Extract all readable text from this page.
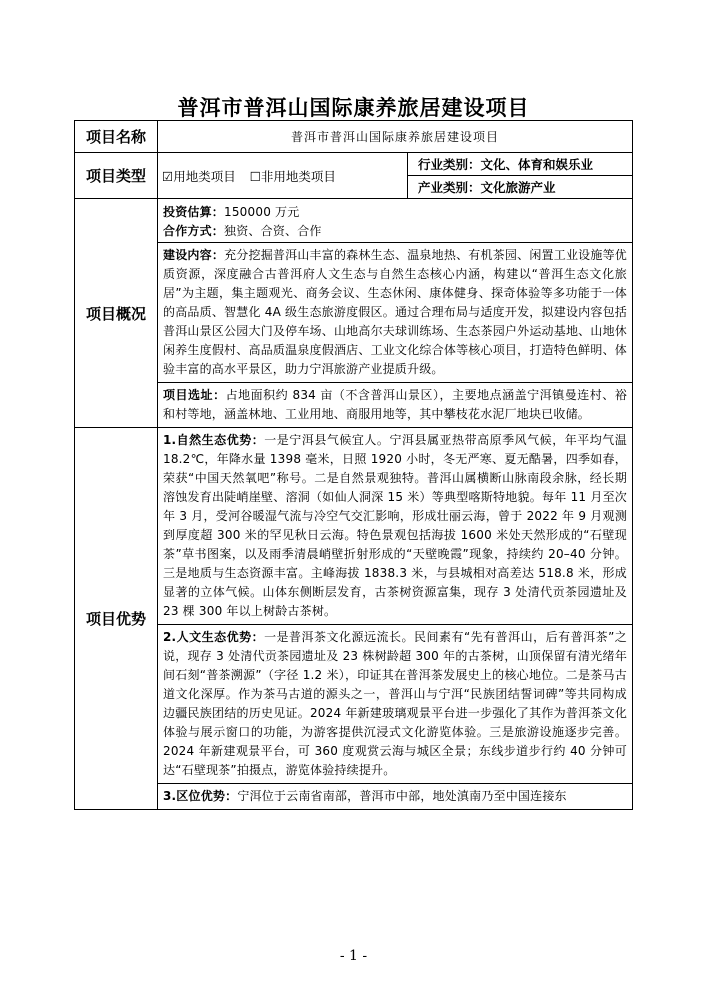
普洱市普洱山国际康养旅居建设项目
项目名称	普洱市普洱山国际康养旅居建设项目	
项目类型	☑用地类项目 ☐非用地类项目	行业类别：文化、体育和娱乐业
		产业类别：文化旅游产业
项目概况	投资估算：150000 万元
合作方式：独资、合资、合作
建设内容：充分挖掘普洱山丰富的森林生态、温泉地热、有机茶园、闲置工业设施等优质资源，深度融合古普洱府人文生态与自然生态核心内涵，构建以“普洱生态文化旅居”为主题，集主题观光、商务会议、生态休闲、康体健身、探奇体验等多功能于一体的高品质、智慧化 4A 级生态旅游度假区。通过合理布局与适度开发，拟建设内容包括普洱山景区公园大门及停车场、山地高尔夫球训练场、生态茶园户外运动基地、山地休闲养生度假村、高品质温泉度假酒店、工业文化综合体等核心项目，打造特色鲜明、体验丰富的高水平景区，助力宁洱旅游产业提质升级。
项目选址：占地面积约 834 亩（不含普洱山景区），主要地点涵盖宁洱镇曼连村、裕和村等地，涵盖林地、工业用地、商服用地等，其中攀枝花水泥厂地块已收储。	

项目优势	1.自然生态优势：一是宁洱县气候宜人。宁洱县属亚热带高原季风气候，年平均气温 18.2℃，年降水量 1398 毫米，日照 1920 小时，冬无严寒、夏无酷暑，四季如春，荣获“中国天然氧吧”称号。二是自然景观独特。普洱山属横断山脉南段余脉，经长期溶蚀发育出陡峭崖壁、溶洞（如仙人洞深 15 米）等典型喀斯特地貌。每年 11 月至次年 3 月，受河谷暖湿气流与冷空气交汇影响，形成壮丽云海，曾于 2022 年 9 月观测到厚度超 300 米的罕见秋日云海。特色景观包括海拔 1600 米处天然形成的“石壁现茶”草书图案，以及雨季清晨峭壁折射形成的“天壁晚霞”现象，持续约 20–40 分钟。三是地质与生态资源丰富。主峰海拔 1838.3 米，与县城相对高差达 518.8 米，形成显著的立体气候。山体东侧断层发育，古茶树资源富集，现存 3 处清代贡茶园遗址及 23 棵 300 年以上树龄古茶树。
2.人文生态优势：一是普洱茶文化源远流长。民间素有“先有普洱山，后有普洱茶”之说，现存 3 处清代贡茶园遗址及 23 株树龄超 300 年的古茶树，山顶保留有清光绪年间石刻“普茶溯源”（字径 1.2 米），印证其在普洱茶发展史上的核心地位。二是茶马古道文化深厚。作为茶马古道的源头之一，普洱山与宁洱“民族团结誓词碑”等共同构成边疆民族团结的历史见证。2024 年新建玻璃观景平台进一步强化了其作为普洱茶文化体验与展示窗口的功能，为游客提供沉浸式文化游览体验。三是旅游设施逐步完善。2024 年新建观景平台，可 360 度观赏云海与城区全景；东线步道步行约 40 分钟可达“石壁现茶”拍摄点，游览体验持续提升。
3.区位优势：宁洱位于云南省南部，普洱市中部，地处滇南乃至中国连接东	
- 1 -
